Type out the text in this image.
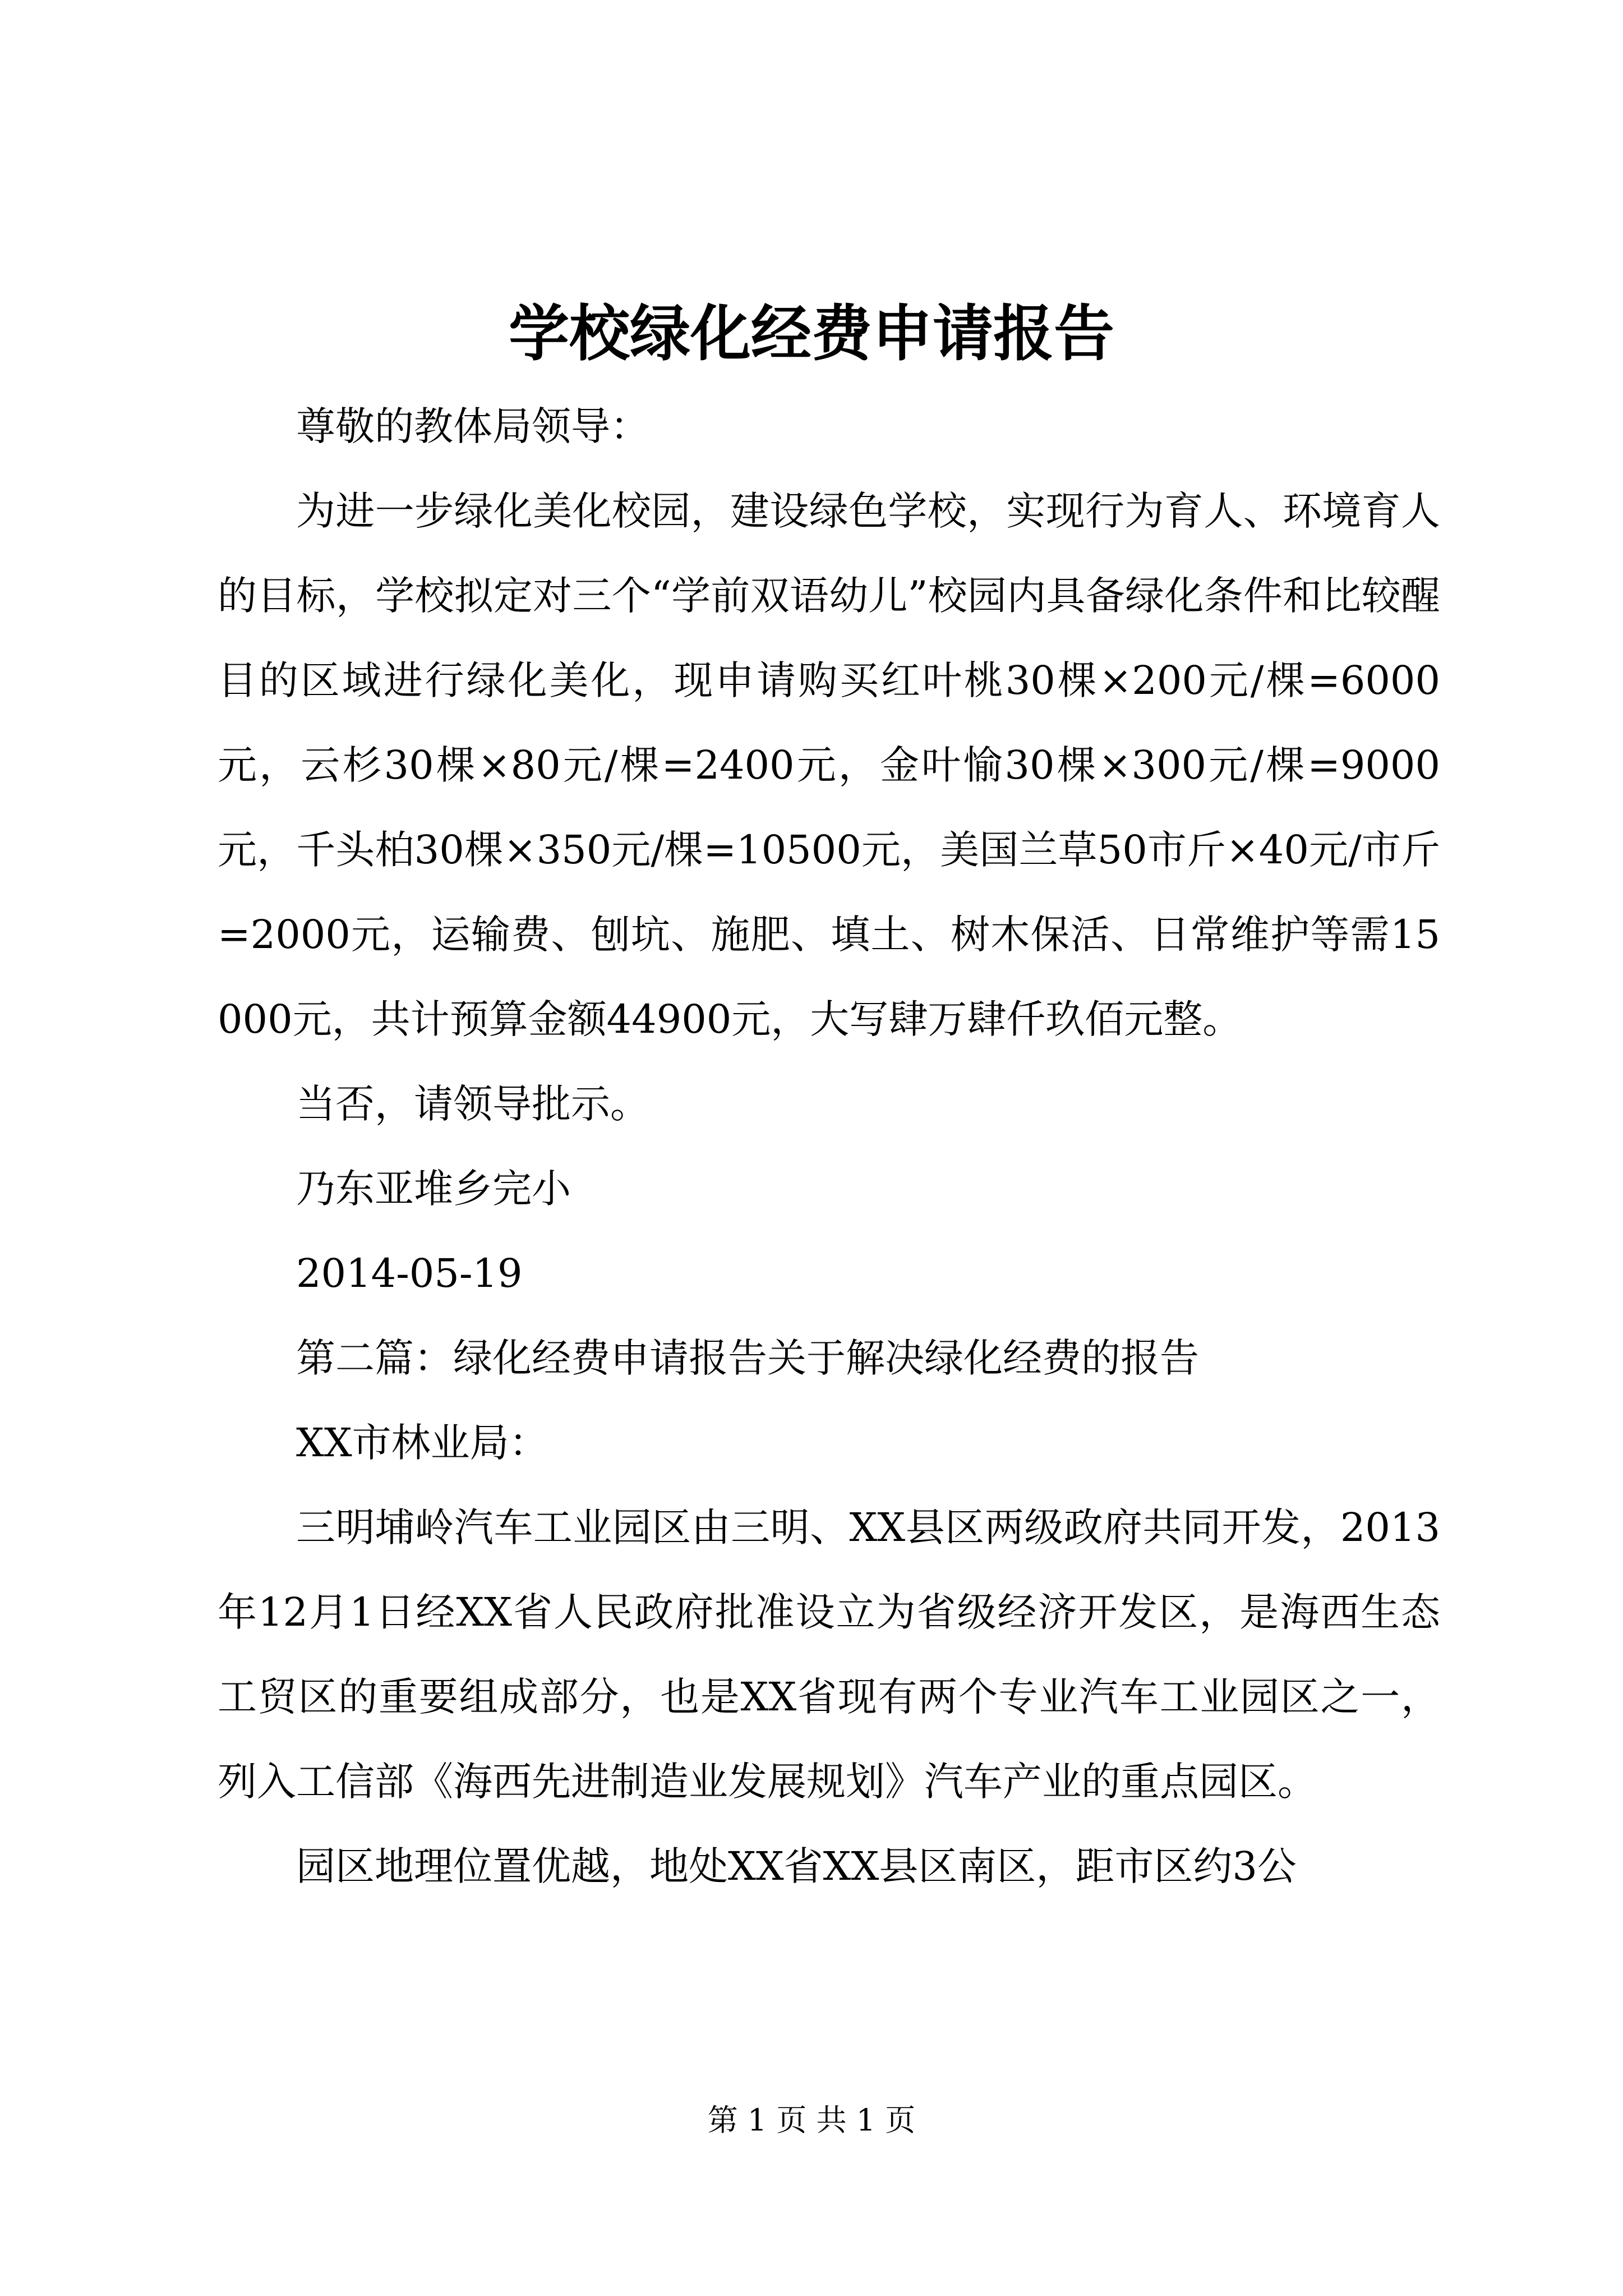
学校绿化经费申请报告

尊敬的教体局领导：

为进一步绿化美化校园，建设绿色学校，实现行为育人、环境育人的目标，学校拟定对三个“学前双语幼儿”校园内具备绿化条件和比较醒目的区域进行绿化美化，现申请购买红叶桃30棵×200元/棵=6000元，云杉30棵×80元/棵=2400元，金叶愉30棵×300元/棵=9000元，千头柏30棵×350元/棵=10500元，美国兰草50市斤×40元/市斤=2000元，运输费、刨坑、施肥、填土、树木保活、日常维护等需15000元，共计预算金额44900元，大写肆万肆仟玖佰元整。

当否，请领导批示。

乃东亚堆乡完小

2014-05-19

第二篇：绿化经费申请报告关于解决绿化经费的报告

XX市林业局：

三明埔岭汽车工业园区由三明、XX县区两级政府共同开发，2013年12月1日经XX省人民政府批准设立为省级经济开发区，是海西生态工贸区的重要组成部分，也是XX省现有两个专业汽车工业园区之一，列入工信部《海西先进制造业发展规划》汽车产业的重点园区。

园区地理位置优越，地处XX省XX县区南区，距市区约3公

第 1 页 共 1 页
